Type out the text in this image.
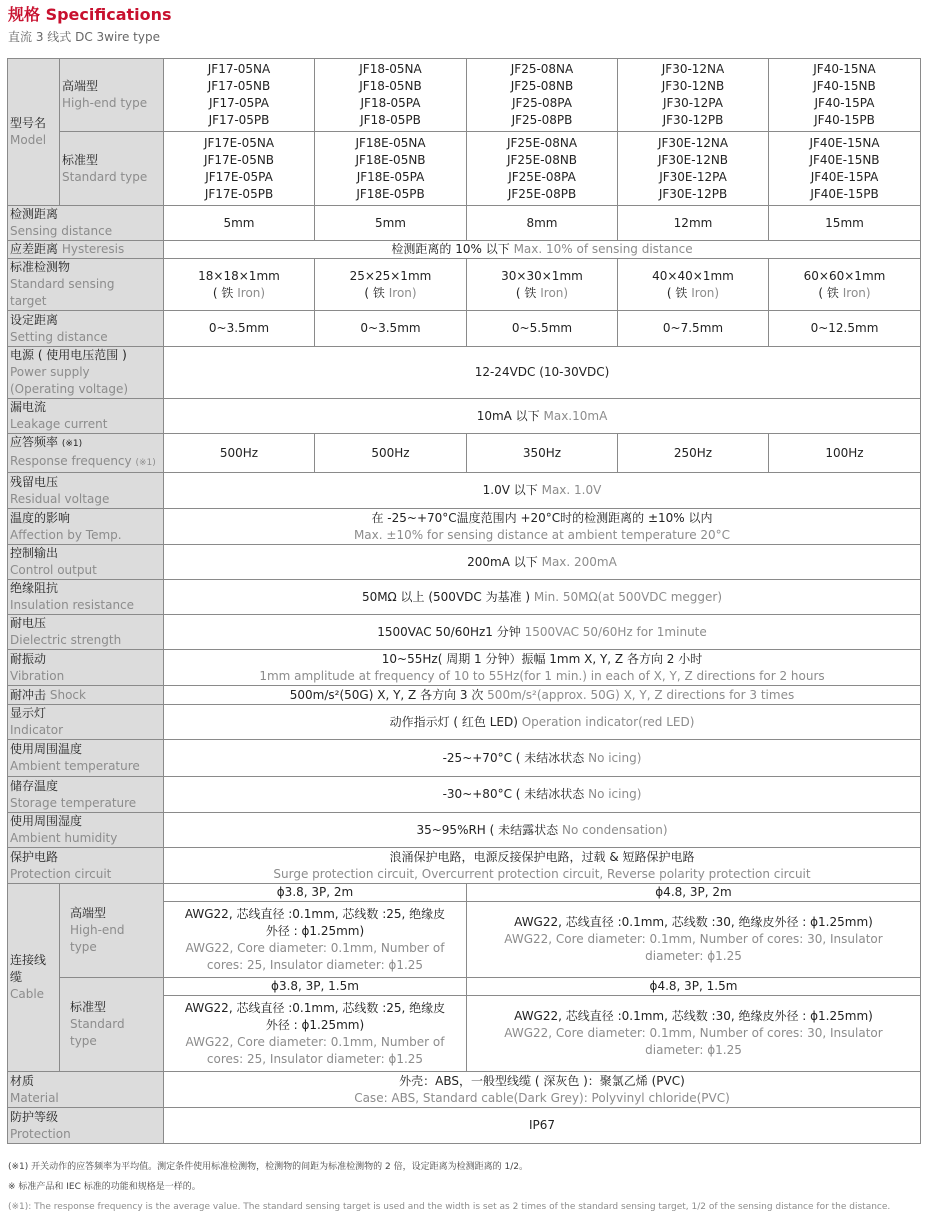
规格 Specifications
直流 3 线式 DC 3wire type
型号名
Model	高端型
High-end type	JF17-05NA
JF17-05NB
JF17-05PA
JF17-05PB	JF18-05NA
JF18-05NB
JF18-05PA
JF18-05PB	JF25-08NA
JF25-08NB
JF25-08PA
JF25-08PB	JF30-12NA
JF30-12NB
JF30-12PA
JF30-12PB	JF40-15NA
JF40-15NB
JF40-15PA
JF40-15PB

	标准型
Standard type	JF17E-05NA
JF17E-05NB
JF17E-05PA
JF17E-05PB	JF18E-05NA
JF18E-05NB
JF18E-05PA
JF18E-05PB	JF25E-08NA
JF25E-08NB
JF25E-08PA
JF25E-08PB	JF30E-12NA
JF30E-12NB
JF30E-12PA
JF30E-12PB	JF40E-15NA
JF40E-15NB
JF40E-15PA
JF40E-15PB

检测距离
Sensing distance		5mm	5mm	8mm	12mm	15mm
应差距离 Hysteresis		检测距离的 10% 以下 Max. 10% of sensing distance				

标准检测物
Standard sensing
target		18×18×1mm
( 铁 Iron)	25×25×1mm
( 铁 Iron)	30×30×1mm
( 铁 Iron)	40×40×1mm
( 铁 Iron)	60×60×1mm
( 铁 Iron)

设定距离
Setting distance		0~3.5mm	0~3.5mm	0~5.5mm	0~7.5mm	0~12.5mm

电源 ( 使用电压范围 )
Power supply
(Operating voltage)		12-24VDC (10-30VDC)				

漏电流
Leakage current		10mA 以下 Max.10mA				

应答频率 (※1)
Response frequency (※1)		500Hz	500Hz	350Hz	250Hz	100Hz

残留电压
Residual voltage		1.0V 以下 Max. 1.0V				

温度的影响
Affection by Temp.		在 -25~+70°C温度范围内 +20°C时的检测距离的 ±10% 以内
Max. ±10% for sensing distance at ambient temperature 20°C				

控制输出
Control output		200mA 以下 Max. 200mA				

绝缘阻抗
Insulation resistance		50MΩ 以上 (500VDC 为基准 ) Min. 50MΩ(at 500VDC megger)				

耐电压
Dielectric strength		1500VAC 50/60Hz1 分钟 1500VAC 50/60Hz for 1minute				

耐振动
Vibration		10~55Hz( 周期 1 分钟）振幅 1mm X, Y, Z 各方向 2 小时
1mm amplitude at frequency of 10 to 55Hz(for 1 min.) in each of X, Y, Z directions for 2 hours				

耐冲击 Shock		500m/s²(50G) X, Y, Z 各方向 3 次 500m/s²(approx. 50G) X, Y, Z directions for 3 times				

显示灯
Indicator		动作指示灯 ( 红色 LED) Operation indicator(red LED)				

使用周围温度
Ambient temperature		-25~+70°C ( 未结冰状态 No icing)				

储存温度
Storage temperature		-30~+80°C ( 未结冰状态 No icing)				

使用周围湿度
Ambient humidity		35~95%RH ( 未结露状态 No condensation)				

保护电路
Protection circuit		浪涌保护电路，电源反接保护电路，过载 & 短路保护电路
Surge protection circuit, Overcurrent protection circuit, Reverse polarity protection circuit				

连接线缆
Cable	高端型
High-end
type	ϕ3.8, 3P, 2m		ϕ4.8, 3P, 2m		

		AWG22, 芯线直径 :0.1mm, 芯线数 :25, 绝缘皮
外径 : ϕ1.25mm)
AWG22, Core diameter: 0.1mm, Number of
cores: 25, Insulator diameter: ϕ1.25		AWG22, 芯线直径 :0.1mm, 芯线数 :30, 绝缘皮外径 : ϕ1.25mm)
AWG22, Core diameter: 0.1mm, Number of cores: 30, Insulator
diameter: ϕ1.25		

	标准型
Standard
type	ϕ3.8, 3P, 1.5m		ϕ4.8, 3P, 1.5m		

		AWG22, 芯线直径 :0.1mm, 芯线数 :25, 绝缘皮
外径 : ϕ1.25mm)
AWG22, Core diameter: 0.1mm, Number of
cores: 25, Insulator diameter: ϕ1.25		AWG22, 芯线直径 :0.1mm, 芯线数 :30, 绝缘皮外径 : ϕ1.25mm)
AWG22, Core diameter: 0.1mm, Number of cores: 30, Insulator
diameter: ϕ1.25		

材质
Material		外壳：ABS，一般型线缆 ( 深灰色 )：聚氯乙烯 (PVC)
Case: ABS, Standard cable(Dark Grey): Polyvinyl chloride(PVC)				

防护等级
Protection		IP67				
(※1) 开关动作的应答频率为平均值。测定条件使用标准检测物，检测物的间距为标准检测物的 2 倍，设定距离为检测距离的 1/2。
※ 标准产品和 IEC 标准的功能和规格是一样的。
(※1): The response frequency is the average value. The standard sensing target is used and the width is set as 2 times of the standard sensing target, 1/2 of the sensing distance for the distance.
